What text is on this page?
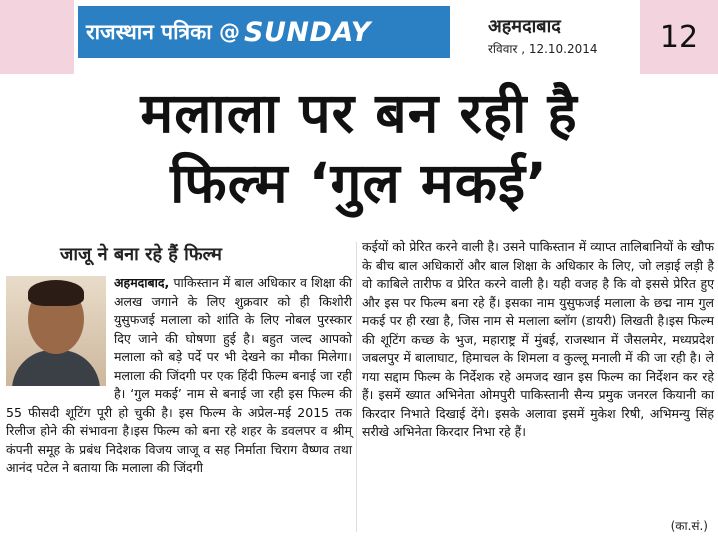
राजस्थान पत्रिका @ SUNDAY	अहमदाबाद
रविवार , 12.10.2014	12
मलाला पर बन रही है
फिल्म ‘गुल मकई’
जाजू ने बना रहे हैं फिल्म
अहमदाबाद, पाकिस्तान में बाल अधिकार व शिक्षा की अलख जगाने के लिए शुक्रवार को ही किशोरी युसुफजई मलाला को शांति के लिए नोबल पुरस्कार दिए जाने की घोषणा हुई है। बहुत जल्द आपको मलाला को बड़े पर्दे पर भी देखने का मौका मिलेगा। मलाला की जिंदगी पर एक हिंदी फिल्म बनाई जा रही है। ‘गुल मकई’ नाम से बनाई जा रही इस फिल्म की 55 फीसदी शूटिंग पूरी हो चुकी है। इस फिल्म के अप्रेल-मई 2015 तक रिलीज होने की संभावना है।इस फिल्म को बना रहे शहर के डवलपर व श्रीम् कंपनी समूह के प्रबंध निदेशक विजय जाजू व सह निर्माता चिराग वैष्णव तथा आनंद पटेल ने बताया कि मलाला की जिंदगी
कईयों को प्रेरित करने वाली है। उसने पाकिस्तान में व्याप्त तालिबानियों के खौफ के बीच बाल अधिकारों और बाल शिक्षा के अधिकार के लिए, जो लड़ाई लड़ी है वो काबिले तारीफ व प्रेरित करने वाली है। यही वजह है कि वो इससे प्रेरित हुए और इस पर फिल्म बना रहे हैं। इसका नाम युसुफजई मलाला के छद्म नाम गुल मकई पर ही रखा है, जिस नाम से मलाला ब्लॉग (डायरी) लिखती है।इस फिल्म की शूटिंग कच्छ के भुज, महाराष्ट्र में मुंबई, राजस्थान में जैसलमेर, मध्यप्रदेश जबलपुर में बालाघाट, हिमाचल के शिमला व कुल्लू मनाली में की जा रही है। ले गया सद्दाम फिल्म के निर्देशक रहे अमजद खान इस फिल्म का निर्देशन कर रहे हैं। इसमें ख्यात अभिनेता ओमपुरी पाकिस्तानी सैन्य प्रमुक जनरल कियानी का किरदार निभाते दिखाई देंगे। इसके अलावा इसमें मुकेश रिषी, अभिमन्यु सिंह सरीखे अभिनेता किरदार निभा रहे हैं।
(का.सं.)
